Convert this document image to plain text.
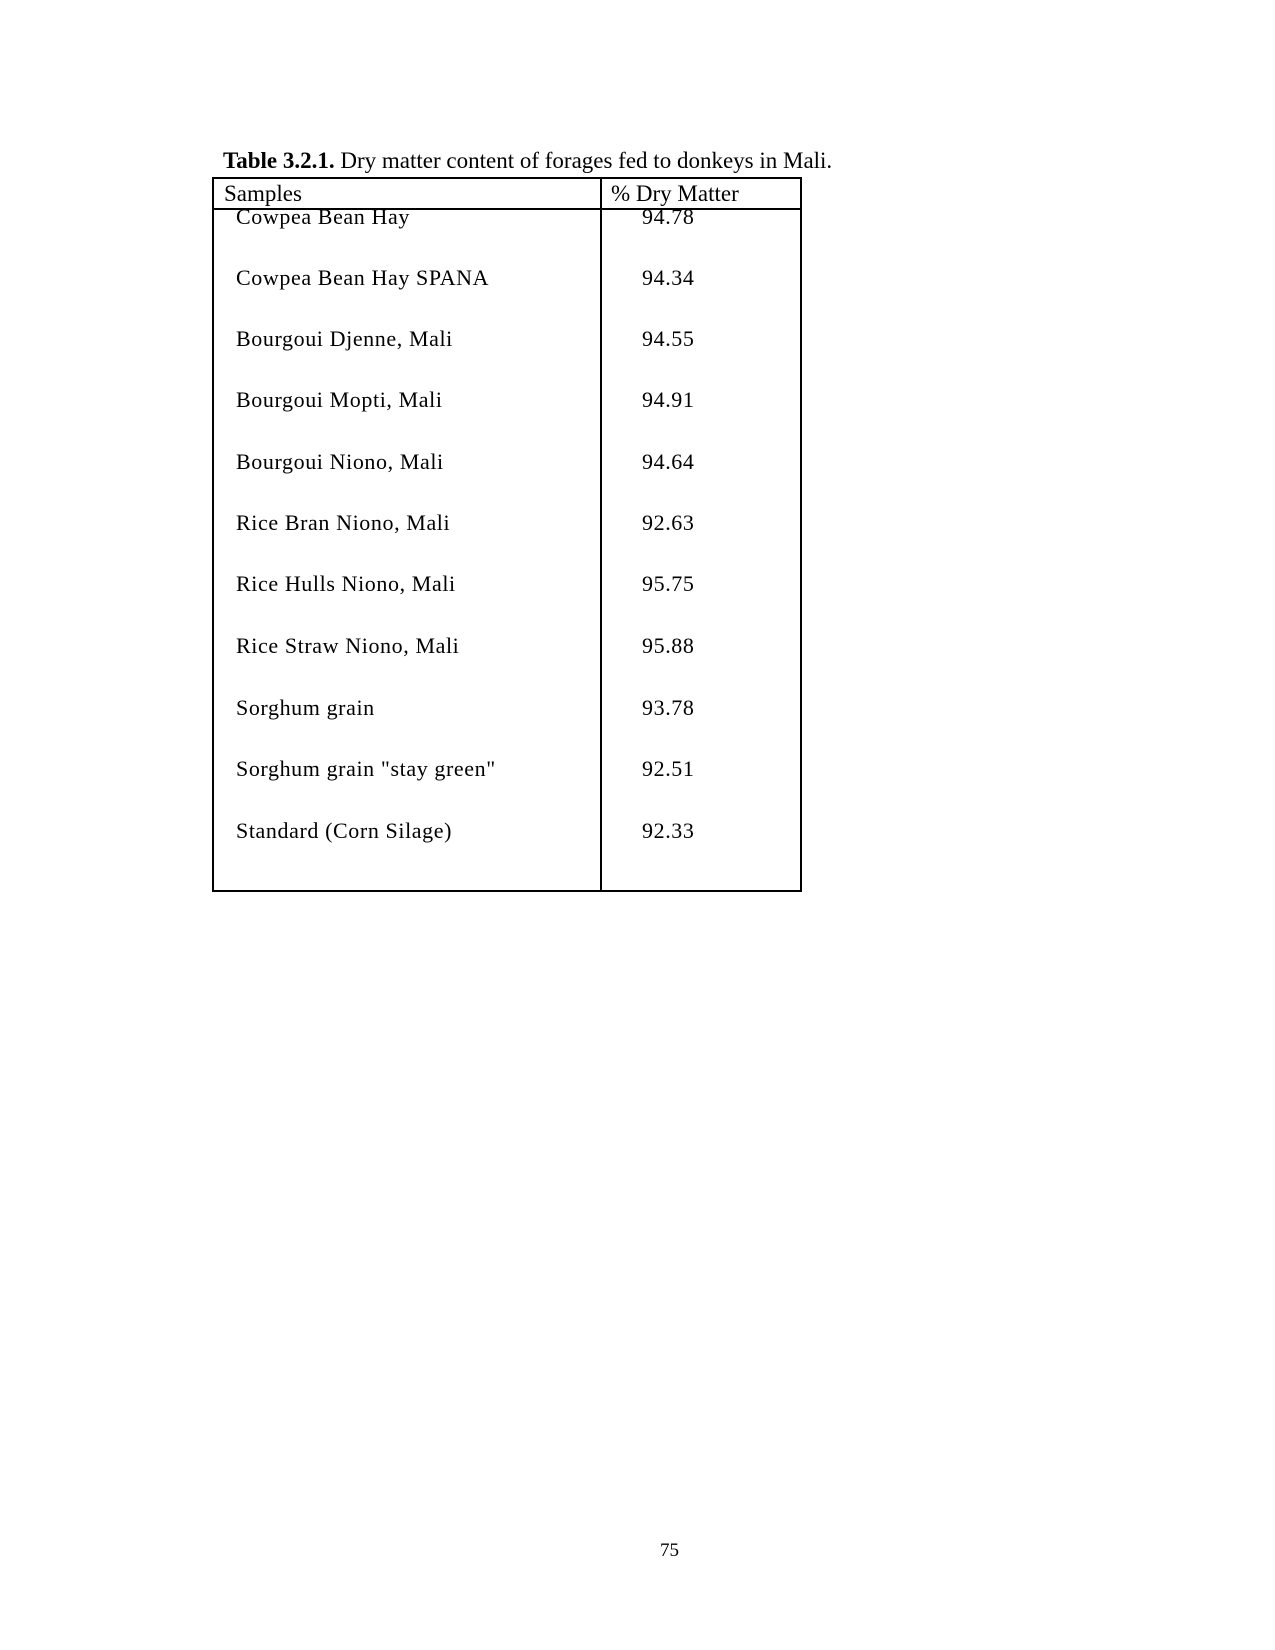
Table 3.2.1. Dry matter content of forages fed to donkeys in Mali.
Samples	% Dry Matter
Cowpea Bean Hay	94.78
Cowpea Bean Hay SPANA	94.34
Bourgoui Djenne, Mali	94.55
Bourgoui Mopti, Mali	94.91
Bourgoui Niono, Mali	94.64
Rice Bran Niono, Mali	92.63
Rice Hulls Niono, Mali	95.75
Rice Straw Niono, Mali	95.88
Sorghum grain	93.78
Sorghum grain "stay green"	92.51
Standard (Corn Silage)	92.33
75
